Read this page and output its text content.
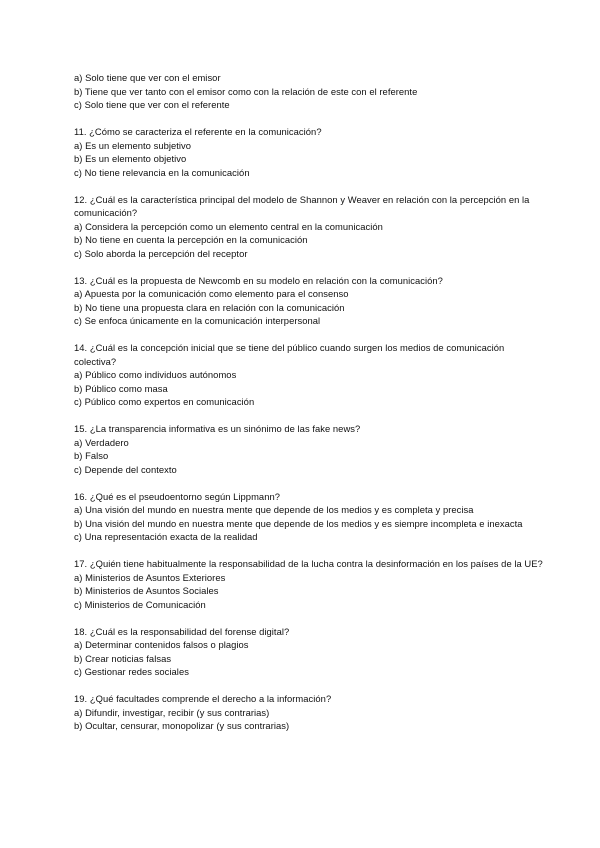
a) Solo tiene que ver con el emisor
b) Tiene que ver tanto con el emisor como con la relación de este con el referente
c) Solo tiene que ver con el referente
11. ¿Cómo se caracteriza el referente en la comunicación?
a) Es un elemento subjetivo
b) Es un elemento objetivo
c) No tiene relevancia en la comunicación
12. ¿Cuál es la característica principal del modelo de Shannon y Weaver en relación con la percepción en la comunicación?
a) Considera la percepción como un elemento central en la comunicación
b) No tiene en cuenta la percepción en la comunicación
c) Solo aborda la percepción del receptor
13. ¿Cuál es la propuesta de Newcomb en su modelo en relación con la comunicación?
a) Apuesta por la comunicación como elemento para el consenso
b) No tiene una propuesta clara en relación con la comunicación
c) Se enfoca únicamente en la comunicación interpersonal
14. ¿Cuál es la concepción inicial que se tiene del público cuando surgen los medios de comunicación colectiva?
a) Público como individuos autónomos
b) Público como masa
c) Público como expertos en comunicación
15. ¿La transparencia informativa es un sinónimo de las fake news?
a) Verdadero
b) Falso
c) Depende del contexto
16. ¿Qué es el pseudoentorno según Lippmann?
a) Una visión del mundo en nuestra mente que depende de los medios y es completa y precisa
b) Una visión del mundo en nuestra mente que depende de los medios y es siempre incompleta e inexacta
c) Una representación exacta de la realidad
17. ¿Quién tiene habitualmente la responsabilidad de la lucha contra la desinformación en los países de la UE?
a) Ministerios de Asuntos Exteriores
b) Ministerios de Asuntos Sociales
c) Ministerios de Comunicación
18. ¿Cuál es la responsabilidad del forense digital?
a) Determinar contenidos falsos o plagios
b) Crear noticias falsas
c) Gestionar redes sociales
19. ¿Qué facultades comprende el derecho a la información?
a) Difundir, investigar, recibir (y sus contrarias)
b) Ocultar, censurar, monopolizar (y sus contrarias)
